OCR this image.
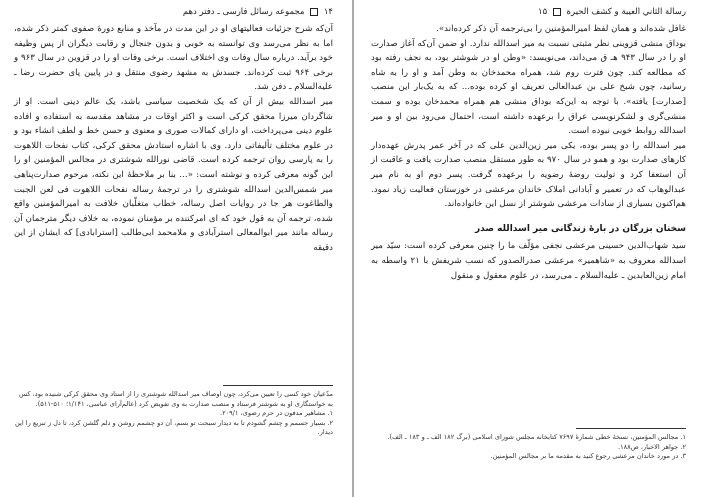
۱۴  مجموعه رسائل فارسی ـ دفتر دهم

آن‌که شرح جزئیات فعالیتهای او در این مدت در مآخذ و منابع دورهٔ صفوی کمتر ذکر شده، اما به نظر می‌رسد وی توانسته به خوبی و بدون جنجال و رقابت دیگران از پس وظیفه خود برآید. درباره سال وفات وی اختلاف است. برخی وفات او را در قزوین در سال ۹۶۳ و برخی ۹۶۴ ثبت کرده‌اند. جسدش به مشهد رضوی منتقل و در پایین پای حضرت رضا ـ علیه‌السلام ـ دفن شد.

میر اسدالله بیش از آن که یک شخصیت سیاسی باشد، یک عالم دینی است. او از شاگردان میرزا محقق کرکی است و اکثر اوقات در مشاهد مقدسه به استفاده و افاده علوم دینی می‌پرداخت، او دارای کمالات صوری و معنوی و حسن خط و لطف انشاء بود و در علوم مختلف تألیفاتی دارد. وی با اشاره استادش محقق کرکی، کتاب نفحات اللاهوت را به پارسی روان ترجمه کرده است. قاضی نورالله شوشتری در مجالس المؤمنین او را این گونه معرفی کرده و نوشته است: «... بنا بر ملاحظهٔ این نکته، مرحوم صدارت‌پناهی میر شمس‌الدین اسدالله شوشتری را در ترجمهٔ رساله نفحات اللاهوت فی لعن الجبت والطاغوت هر جا در روایات اصل رساله، خطاب متغلّبان خلافت به امیرالمؤمنین واقع شده، ترجمه آن به قول خود که ای امرکننده بر مؤمنان نموده، به خلاف دیگر مترجمان آن رساله مانند میر ابوالمعالی استرآبادی و ملامحمد ابی‌طالب [استرابادی] که ایشان از این دقیقه

مدّعیان خود کسی را تعیین می‌کرد، چون اوصاف میر اسدالله شوشتری را از استاد وی محقق کرکی شنیده بود، کس به خواستگاری او به شوشتر فرستاد و منصب صدارت به وی تفویض کرد (عالم‌آرای عباسی، ۱/۱۴۱؛ ۵۱۰-۵۱۱).

۱. مشاهیر مدفون در حرم رضوی، ۲۰۹/۱.

۲. بسیار جسمم و چشم گشودم تا به دیدار سبحت تو بسم، آن دو چشمم روشن و دلم گلشن کرد، تا دل ز تبریع را این دیدار.

رسالة الثاني العیبة و کشف الحیرة  ۱۵

غافل شده‌اند و همان لفظ امیرالمؤمنین را بی‌ترجمه آن ذکر کرده‌اند».

بوداق منشی قزوینی نظر مثبتی نسبت به میر اسدالله ندارد. او ضمن آن‌که آغاز صدارت او را در سال ۹۴۳ هـ ق می‌داند، می‌نویسد: «وطن او در شوشتر بود، به نجف رفته بود که مطالعه کند. چون فترت روم شد، همراه محمدخان به وطن آمد و او را به شاه رسانید، چون شیخ علی بن عبدالعالی تعریف او کرده بوده... که به یک‌بار این منصب [صدارت] یافته». با توجه به این‌که بوداق منشی هم همراه محمدخان بوده و سمت منشی‌گری و لشکرنویسی عراق را برعهده داشته است، احتمال می‌رود بین او و میر اسدالله روابط خوبی نبوده است.

میر اسدالله را دو پسر بوده، یکی میر زین‌الدین علی که در آخر عمر پدرش عهده‌دار کارهای صدارت بود و همو در سال ۹۷۰ به طور مستقل منصب صدارت یافت و عاقبت از آن استعفا کرد و تولیت روضهٔ رضویه را برعهده گرفت. پسر دوم او به نام میر عبدالوهاب که در تعمیر و آبادانی املاک خاندان مرعشی در خوزستان فعالیت زیاد نمود. هم‌اکنون بسیاری از سادات مرعشی شوشتر از نسل این خانواده‌اند.

سخنان بزرگان در بارهٔ زندگانی میر اسدالله صدر

سید شهاب‌الدین حسینی مرعشی نجفی مؤلّف ما را چنین معرفی کرده است: سیّد میر اسدالله معروف به «شاهمیر» مرعشی صدرالصدور که نسب شریفش با ۲۱ واسطه به امام زین‌العابدین ـ علیه‌السلام ـ می‌رسد، در علوم معقول و منقول

۱. مجالس المؤمنین، نسخهٔ خطی شمارهٔ ۷۶۹۷ کتابخانه مجلس شورای اسلامی (برگ ۱۸۲ الف ـ و ۱۸۳ ـ الف).

۲. جواهر الاخبار، ص۱۸۸.

۳. در مورد خاندان مرعشی رجوع کنید به مقدمه ما بر مجالس المؤمنین.
